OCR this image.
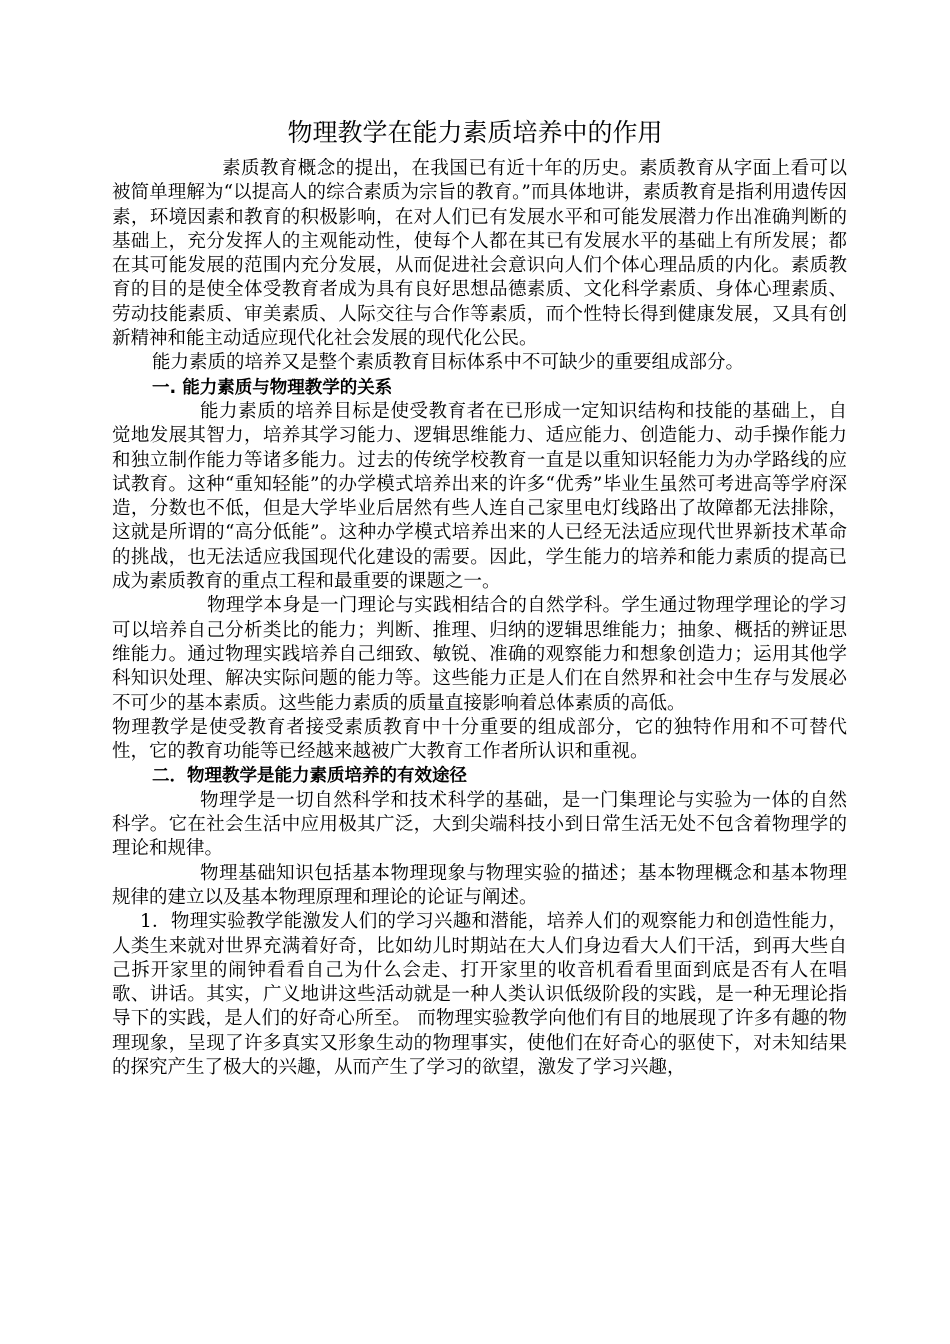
物理教学在能力素质培养中的作用

素质教育概念的提出，在我国已有近十年的历史。素质教育从字面上看可以被简单理解为“以提高人的综合素质为宗旨的教育。”而具体地讲，素质教育是指利用遗传因素，环境因素和教育的积极影响，在对人们已有发展水平和可能发展潜力作出准确判断的基础上，充分发挥人的主观能动性，使每个人都在其已有发展水平的基础上有所发展；都在其可能发展的范围内充分发展，从而促进社会意识向人们个体心理品质的内化。素质教育的目的是使全体受教育者成为具有良好思想品德素质、文化科学素质、身体心理素质、劳动技能素质、审美素质、人际交往与合作等素质，而个性特长得到健康发展，又具有创新精神和能主动适应现代化社会发展的现代化公民。

能力素质的培养又是整个素质教育目标体系中不可缺少的重要组成部分。

一. 能力素质与物理教学的关系

能力素质的培养目标是使受教育者在已形成一定知识结构和技能的基础上，自觉地发展其智力，培养其学习能力、逻辑思维能力、适应能力、创造能力、动手操作能力和独立制作能力等诸多能力。过去的传统学校教育一直是以重知识轻能力为办学路线的应试教育。这种“重知轻能”的办学模式培养出来的许多“优秀”毕业生虽然可考进高等学府深造，分数也不低，但是大学毕业后居然有些人连自己家里电灯线路出了故障都无法排除，这就是所谓的“高分低能”。这种办学模式培养出来的人已经无法适应现代世界新技术革命的挑战，也无法适应我国现代化建设的需要。因此，学生能力的培养和能力素质的提高已成为素质教育的重点工程和最重要的课题之一。

物理学本身是一门理论与实践相结合的自然学科。学生通过物理学理论的学习可以培养自己分析类比的能力；判断、推理、归纳的逻辑思维能力；抽象、概括的辨证思维能力。通过物理实践培养自己细致、敏锐、准确的观察能力和想象创造力；运用其他学科知识处理、解决实际问题的能力等。这些能力正是人们在自然界和社会中生存与发展必不可少的基本素质。这些能力素质的质量直接影响着总体素质的高低。

物理教学是使受教育者接受素质教育中十分重要的组成部分，它的独特作用和不可替代性，它的教育功能等已经越来越被广大教育工作者所认识和重视。

二．物理教学是能力素质培养的有效途径

物理学是一切自然科学和技术科学的基础，是一门集理论与实验为一体的自然科学。它在社会生活中应用极其广泛，大到尖端科技小到日常生活无处不包含着物理学的理论和规律。

物理基础知识包括基本物理现象与物理实验的描述；基本物理概念和基本物理规律的建立以及基本物理原理和理论的论证与阐述。

1．物理实验教学能激发人们的学习兴趣和潜能，培养人们的观察能力和创造性能力，人类生来就对世界充满着好奇，比如幼儿时期站在大人们身边看大人们干活，到再大些自己拆开家里的闹钟看看自己为什么会走、打开家里的收音机看看里面到底是否有人在唱歌、讲话。其实，广义地讲这些活动就是一种人类认识低级阶段的实践，是一种无理论指导下的实践，是人们的好奇心所至。 而物理实验教学向他们有目的地展现了许多有趣的物理现象，呈现了许多真实又形象生动的物理事实，使他们在好奇心的驱使下，对未知结果的探究产生了极大的兴趣，从而产生了学习的欲望，激发了学习兴趣，
